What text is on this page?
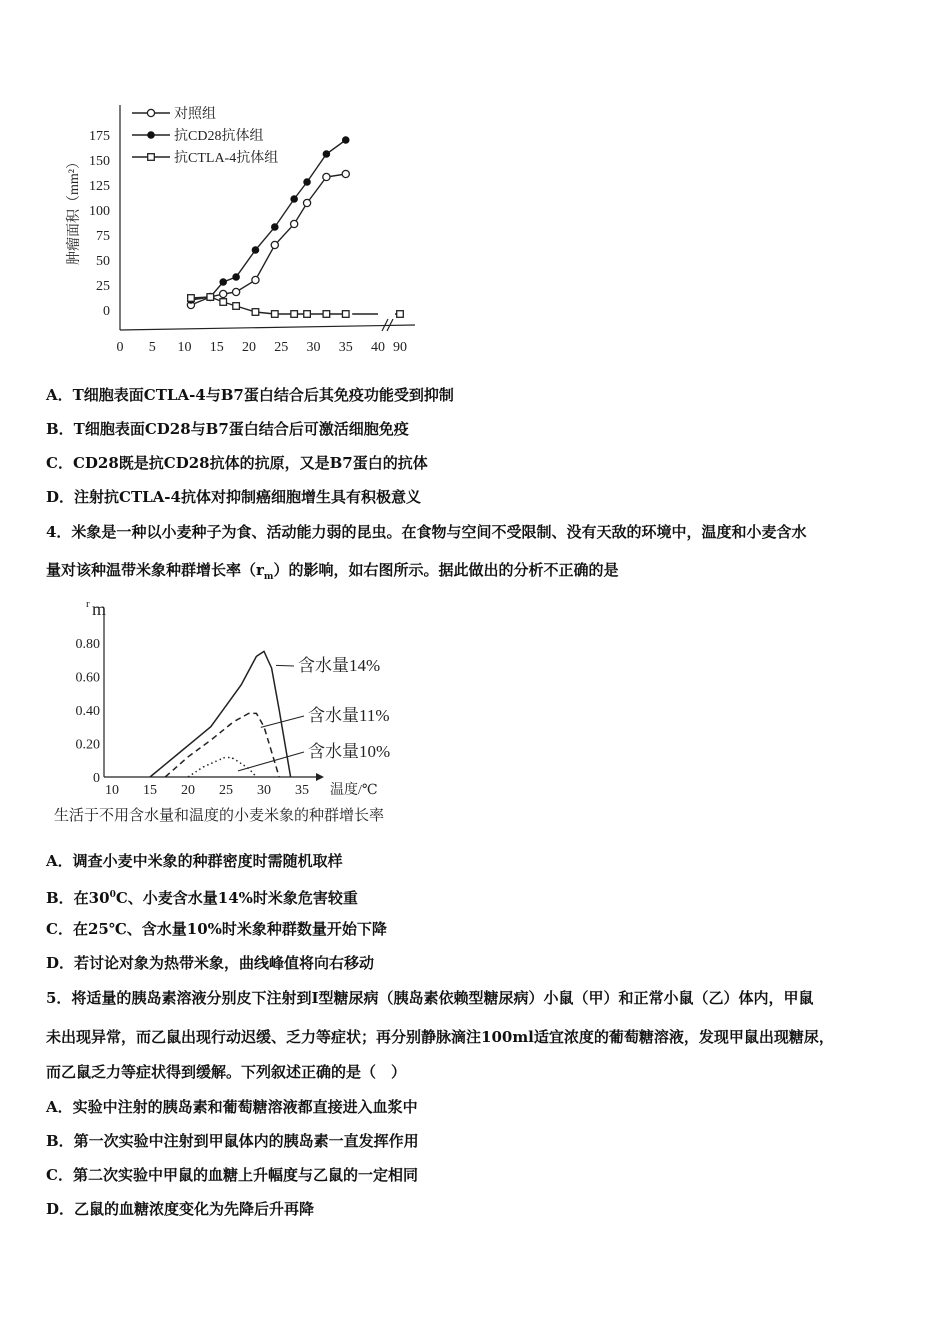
肿瘤面积（mm²）
对照组
抗CD28抗体组
抗CTLA-4抗体组
0
25
50
75
100
125
150
175
0 5 10 15 20 25 30 35 40 90
A．T细胞表面CTLA-4与B7蛋白结合后其免疫功能受到抑制
B．T细胞表面CD28与B7蛋白结合后可激活细胞免疫
C．CD28既是抗CD28抗体的抗原，又是B7蛋白的抗体
D．注射抗CTLA-4抗体对抑制癌细胞增生具有积极意义
4．米象是一种以小麦种子为食、活动能力弱的昆虫。在食物与空间不受限制、没有天敌的环境中，温度和小麦含水
量对该种温带米象种群增长率$(r_m)$的影响，如右图所示。据此做出的分析不正确的是
r m
0
0.20
0.40
0.60
0.80
10 15 20 25 30 35 温度/℃
含水量14%
含水量11%
含水量10%
生活于不用含水量和温度的小麦米象的种群增长率
A．调查小麦中米象的种群密度时需随机取样
B．在$30^0C$、小麦含水量14%时米象危害较重
C．在25℃、含水量10%时米象种群数量开始下降
D．若讨论对象为热带米象，曲线峰值将向右移动
5．将适量的胰岛素溶液分别皮下注射到I型糖尿病（胰岛素依赖型糖尿病）小鼠（甲）和正常小鼠（乙）体内，甲鼠
未出现异常，而乙鼠出现行动迟缓、乏力等症状；再分别静脉滴注100ml适宜浓度的葡萄糖溶液，发现甲鼠出现糖尿，
而乙鼠乏力等症状得到缓解。下列叙述正确的是（　）
A．实验中注射的胰岛素和葡萄糖溶液都直接进入血浆中
B．第一次实验中注射到甲鼠体内的胰岛素一直发挥作用
C．第二次实验中甲鼠的血糖上升幅度与乙鼠的一定相同
D．乙鼠的血糖浓度变化为先降后升再降
